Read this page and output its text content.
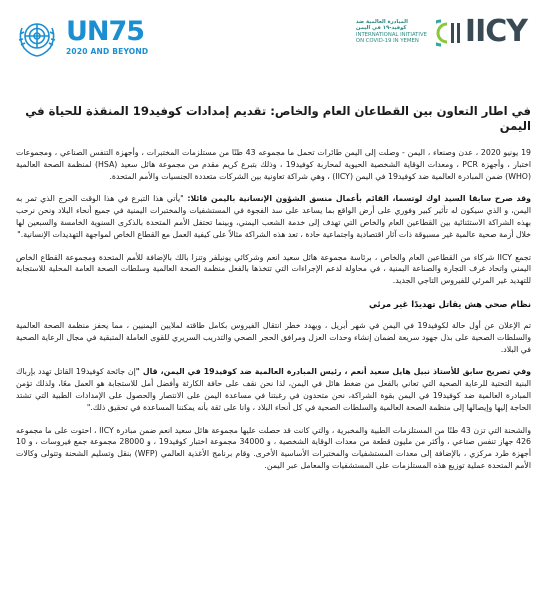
UN75
2020 AND BEYOND
المبادرة العالمية ضد كوفيد-١٩ في اليمن
INTERNATIONAL INITIATIVE ON COVID-19 IN YEMEN	IICY
في اطار التعاون بين القطاعان العام والخاص: تقديم إمدادات كوفيد19 المنقذة للحياة في اليمن

19 يونيو 2020 ، عدن وصنعاء ، اليمن - وصلت إلى اليمن طائرات تحمل ما مجموعه 43 طنًا من مستلزمات المختبرات ، وأجهزة التنفس الصناعي ، ومجموعات اختبار ، وأجهزة PCR ، ومعدات الوقاية الشخصية الحيوية لمحاربة كوفيد19 ، وذلك بتبرع كريم مقدم من مجموعة هائل سعيد (HSA) لمنظمة الصحة العالمية (WHO) ضمن المبادرة العالمية ضد كوفيد19 في اليمن (IICY) ، وهي شراكة تعاونية بين الشركات متعددة الجنسيات والأمم المتحدة.

وقد صرح سابقا السيد اوك لوتسما، القائم بأعمال منسق الشؤون الإنسانية باليمن قائلا: "يأتي هذا التبرع في هذا الوقت الحرج الذي تمر به اليمن، و الذي سيكون له تأثير كبير وفوري على أرض الواقع بما يساعد على سد الفجوة في المستشفيات والمختبرات اليمنية في جميع أنحاء البلاد ونحن نرحب بهذه الشراكة الاستثنائية بين القطاعين العام والخاص التي تهدف إلى خدمة الشعب اليمني، وبينما تحتفل الأمم المتحدة بالذكرى السنوية الخامسة والسبعين لها خلال أزمة صحية عالمية غير مسبوقة ذات آثار اقتصادية واجتماعية حادة ، تعد هذه الشراكة مثالاً على كيفية العمل مع القطاع الخاص لمواجهة التهديدات الإنسانية."

تجمع IICY شركاء من القطاعين العام والخاص ، برئاسة مجموعة هائل سعيد انعم وشركائي يونيلفر وتنزا بالك بالإضافة للأمم المتحدة ومجموعة القطاع الخاص اليمني واتحاد غرف التجارة والصناعة اليمنية ، في محاولة لدعم الإجراءات التي تتخذها بالفعل منظمة الصحة العالمية وسلطات الصحة العامة المحلية للاستجابة للتهديد غير المرئي للفيروس التاجي الجديد.

نظام صحي هش يقاتل تهديدًا غير مرئي

تم الإعلان عن أول حالة لكوفيد19 في اليمن في شهر أبريل ، ويهدد خطر انتقال الفيروس بكامل طاقته لملايين اليمنيين ، مما يحفز منظمة الصحة العالمية والسلطات الصحية على بذل جهود سريعة لضمان إنشاء وحدات العزل ومرافق الحجر الصحي والتدريب السريري للقوى العاملة المتبقية في مجال الرعاية الصحية في البلاد.

وفي تصريح سابق للأستاذ نبيل هايل سعيد أنعم ، رئيس المبادرة العالمية ضد كوفيد19 في اليمن، قال "إن جائحة كوفيد19 القاتل تهدد بإرباك البنية التحتية للرعاية الصحية التي تعاني بالفعل من ضغط هائل في اليمن، لذا نحن نقف على حافة الكارثة وأفضل أمل للاستجابة هو العمل معًا، ولذلك تؤمن المبادرة العالمية ضد كوفيد19 في اليمن بقوة الشراكة، نحن متحدون في رغبتنا في مساعدة اليمن على الانتصار والحصول على الإمدادات الطبية التي تشتد الحاجة إليها وإيصالها إلى منظمة الصحة العالمية والسلطات الصحية في كل أنحاء البلاد ، وانا على ثقة بأنه يمكننا المساعدة في تحقيق ذلك."

والشحنة التي تزن 43 طنًا من المستلزمات الطبية والمخبرية ، والتي كانت قد حصلت عليها مجموعة هائل سعيد انعم ضمن مبادرة IICY ، احتوت على ما مجموعه 426 جهاز تنفس صناعي ، وأكثر من مليون قطعة من معدات الوقاية الشخصية ، و 34000 مجموعة اختبار كوفيد19 ، و 28000 مجموعة جمع فيروسات ، و 10 أجهزة طرد مركزي ، بالإضافة إلى معدات المستشفيات والمختبرات الأساسية الأخرى. وقام برنامج الأغذية العالمي (WFP) بنقل وتسليم الشحنة وتتولى وكالات الأمم المتحدة عملية توزيع هذه المستلزمات على المستشفيات والمعامل عبر اليمن.
